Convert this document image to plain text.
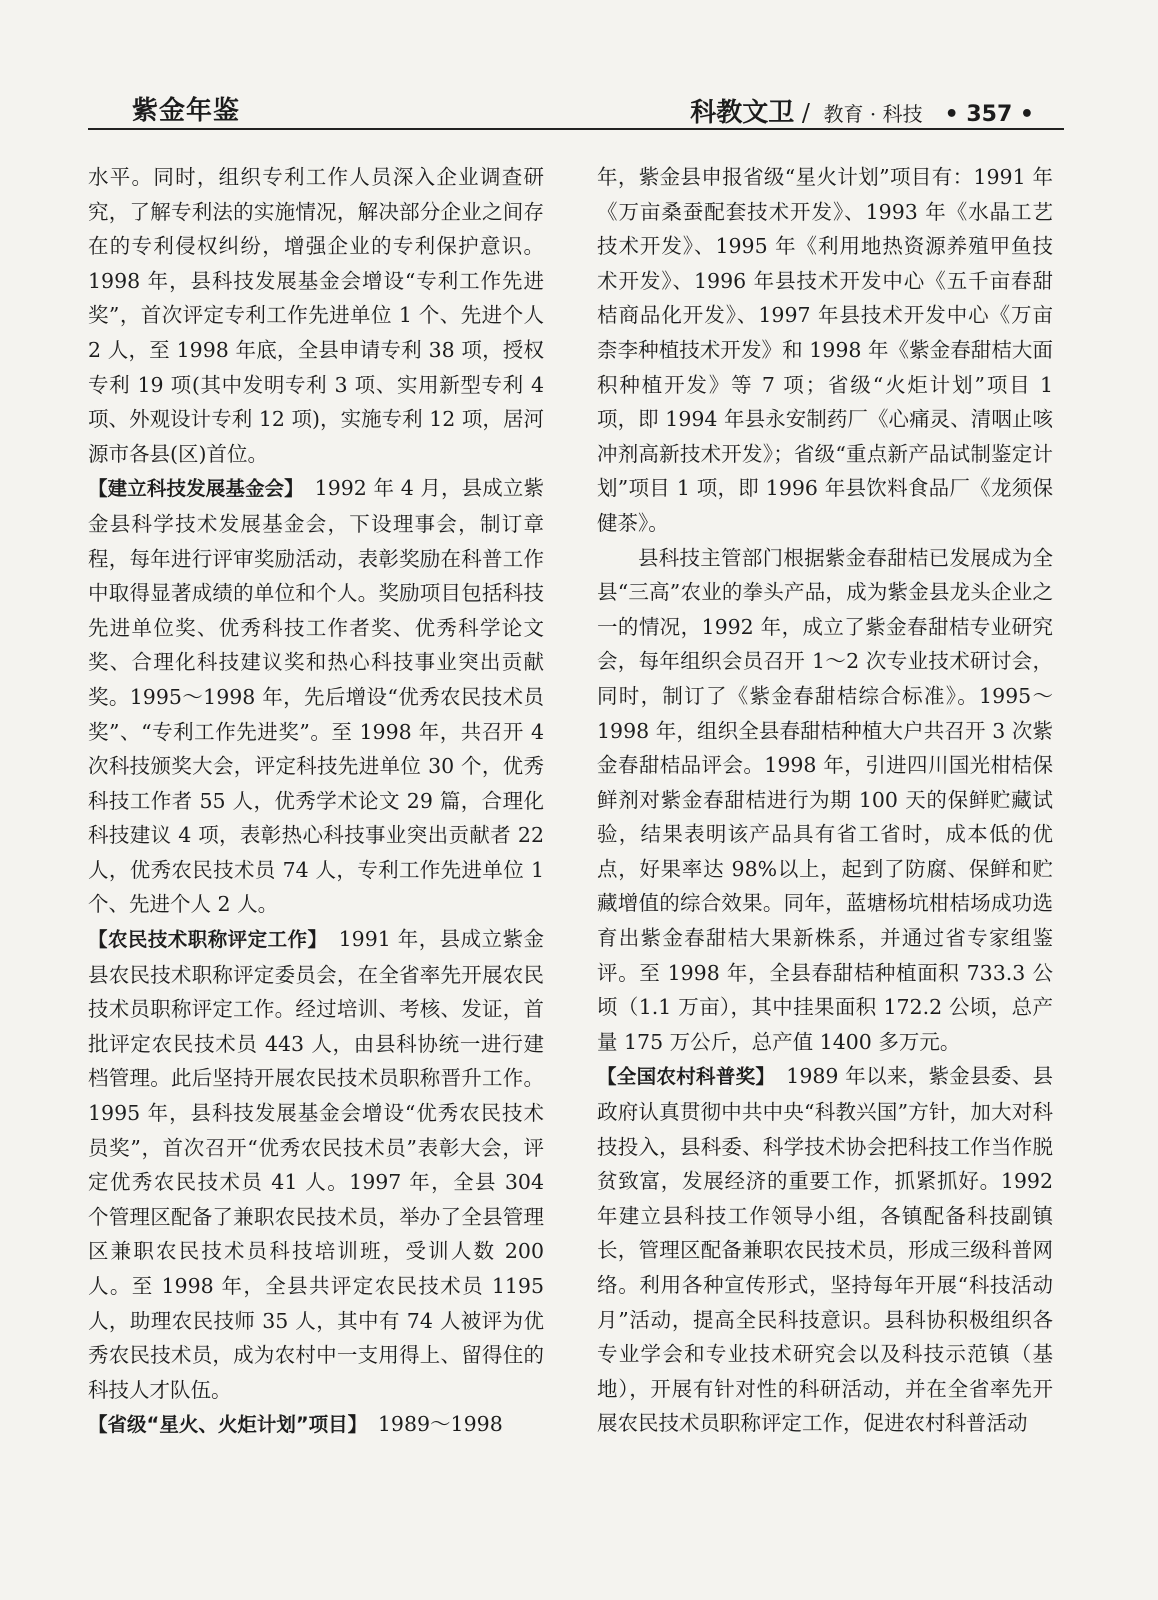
紫金年鉴	科教文卫 / 教育 · 科技 • 357 •

水平。同时，组织专利工作人员深入企业调查研究，了解专利法的实施情况，解决部分企业之间存在的专利侵权纠纷，增强企业的专利保护意识。1998 年，县科技发展基金会增设“专利工作先进奖”，首次评定专利工作先进单位 1 个、先进个人 2 人，至 1998 年底，全县申请专利 38 项，授权专利 19 项(其中发明专利 3 项、实用新型专利 4 项、外观设计专利 12 项)，实施专利 12 项，居河源市各县(区)首位。

【建立科技发展基金会】　1992 年 4 月，县成立紫金县科学技术发展基金会，下设理事会，制订章程，每年进行评审奖励活动，表彰奖励在科普工作中取得显著成绩的单位和个人。奖励项目包括科技先进单位奖、优秀科技工作者奖、优秀科学论文奖、合理化科技建议奖和热心科技事业突出贡献奖。1995～1998 年，先后增设“优秀农民技术员奖”、“专利工作先进奖”。至 1998 年，共召开 4 次科技颁奖大会，评定科技先进单位 30 个，优秀科技工作者 55 人，优秀学术论文 29 篇，合理化科技建议 4 项，表彰热心科技事业突出贡献者 22 人，优秀农民技术员 74 人，专利工作先进单位 1 个、先进个人 2 人。

【农民技术职称评定工作】　1991 年，县成立紫金县农民技术职称评定委员会，在全省率先开展农民技术员职称评定工作。经过培训、考核、发证，首批评定农民技术员 443 人，由县科协统一进行建档管理。此后坚持开展农民技术员职称晋升工作。1995 年，县科技发展基金会增设“优秀农民技术员奖”，首次召开“优秀农民技术员”表彰大会，评定优秀农民技术员 41 人。1997 年，全县 304 个管理区配备了兼职农民技术员，举办了全县管理区兼职农民技术员科技培训班，受训人数 200 人。至 1998 年，全县共评定农民技术员 1195 人，助理农民技师 35 人，其中有 74 人被评为优秀农民技术员，成为农村中一支用得上、留得住的科技人才队伍。

【省级“星火、火炬计划”项目】　1989～1998

年，紫金县申报省级“星火计划”项目有：1991 年《万亩桑蚕配套技术开发》、1993 年《水晶工艺技术开发》、1995 年《利用地热资源养殖甲鱼技术开发》、1996 年县技术开发中心《五千亩春甜桔商品化开发》、1997 年县技术开发中心《万亩柰李种植技术开发》和 1998 年《紫金春甜桔大面积种植开发》等 7 项；省级“火炬计划”项目 1 项，即 1994 年县永安制药厂《心痛灵、清咽止咳冲剂高新技术开发》；省级“重点新产品试制鉴定计划”项目 1 项，即 1996 年县饮料食品厂《龙须保健茶》。

县科技主管部门根据紫金春甜桔已发展成为全县“三高”农业的拳头产品，成为紫金县龙头企业之一的情况，1992 年，成立了紫金春甜桔专业研究会，每年组织会员召开 1～2 次专业技术研讨会，同时，制订了《紫金春甜桔综合标准》。1995～1998 年，组织全县春甜桔种植大户共召开 3 次紫金春甜桔品评会。1998 年，引进四川国光柑桔保鲜剂对紫金春甜桔进行为期 100 天的保鲜贮藏试验，结果表明该产品具有省工省时，成本低的优点，好果率达 98%以上，起到了防腐、保鲜和贮藏增值的综合效果。同年，蓝塘杨坑柑桔场成功选育出紫金春甜桔大果新株系，并通过省专家组鉴评。至 1998 年，全县春甜桔种植面积 733.3 公顷（1.1 万亩），其中挂果面积 172.2 公顷，总产量 175 万公斤，总产值 1400 多万元。

【全国农村科普奖】　1989 年以来，紫金县委、县政府认真贯彻中共中央“科教兴国”方针，加大对科技投入，县科委、科学技术协会把科技工作当作脱贫致富，发展经济的重要工作，抓紧抓好。1992 年建立县科技工作领导小组，各镇配备科技副镇长，管理区配备兼职农民技术员，形成三级科普网络。利用各种宣传形式，坚持每年开展“科技活动月”活动，提高全民科技意识。县科协积极组织各专业学会和专业技术研究会以及科技示范镇（基地），开展有针对性的科研活动，并在全省率先开展农民技术员职称评定工作，促进农村科普活动
